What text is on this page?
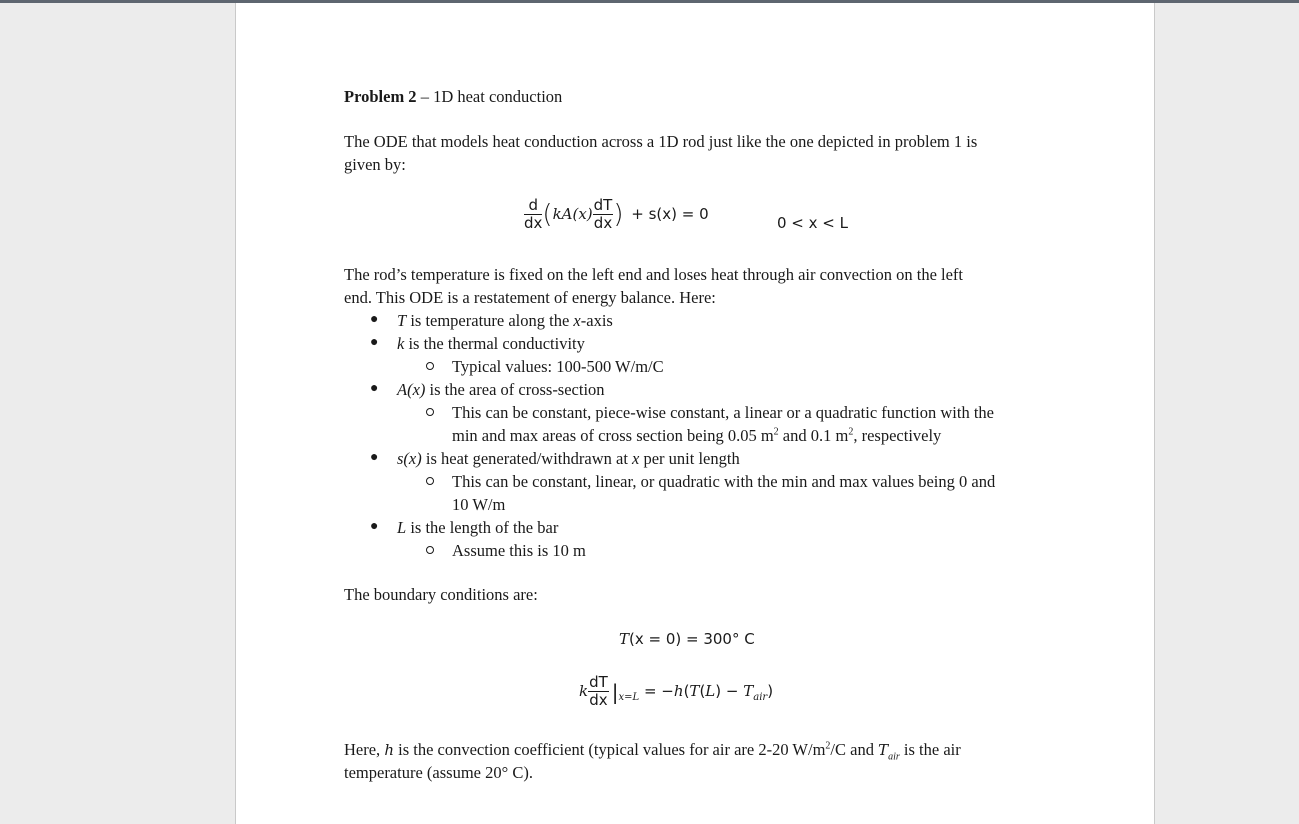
Problem 2 – 1D heat conduction
The ODE that models heat conduction across a 1D rod just like the one depicted in problem 1 is
given by:
$\frac{d}{dx} (kA(x) \frac{dT}{dx}$ ) + s(x) = 0	0 < x < L
The rod’s temperature is fixed on the left end and loses heat through air convection on the left
end. This ODE is a restatement of energy balance. Here:
● T is temperature along the x-axis
● k is the thermal conductivity
Typical values: 100-500 W/m/C
● A(x) is the area of cross-section
This can be constant, piece-wise constant, a linear or a quadratic function with the
min and max areas of cross section being 0.05 $m^2$ and 0.1 $m^2$, respectively
● s(x) is heat generated/withdrawn at x per unit length
This can be constant, linear, or quadratic with the min and max values being 0 and
10 W/m
● L is the length of the bar
Assume this is 10 m
The boundary conditions are:
T(x = 0) = 300° C
k $\frac{dT}{dx} |_{x=L} = -h(T(L) - T_{air})$
Here, h is the convection coefficient (typical values for air are 2-20 $W/m^2/C$ and $T_{air}$ is the air
temperature (assume 20° C).
